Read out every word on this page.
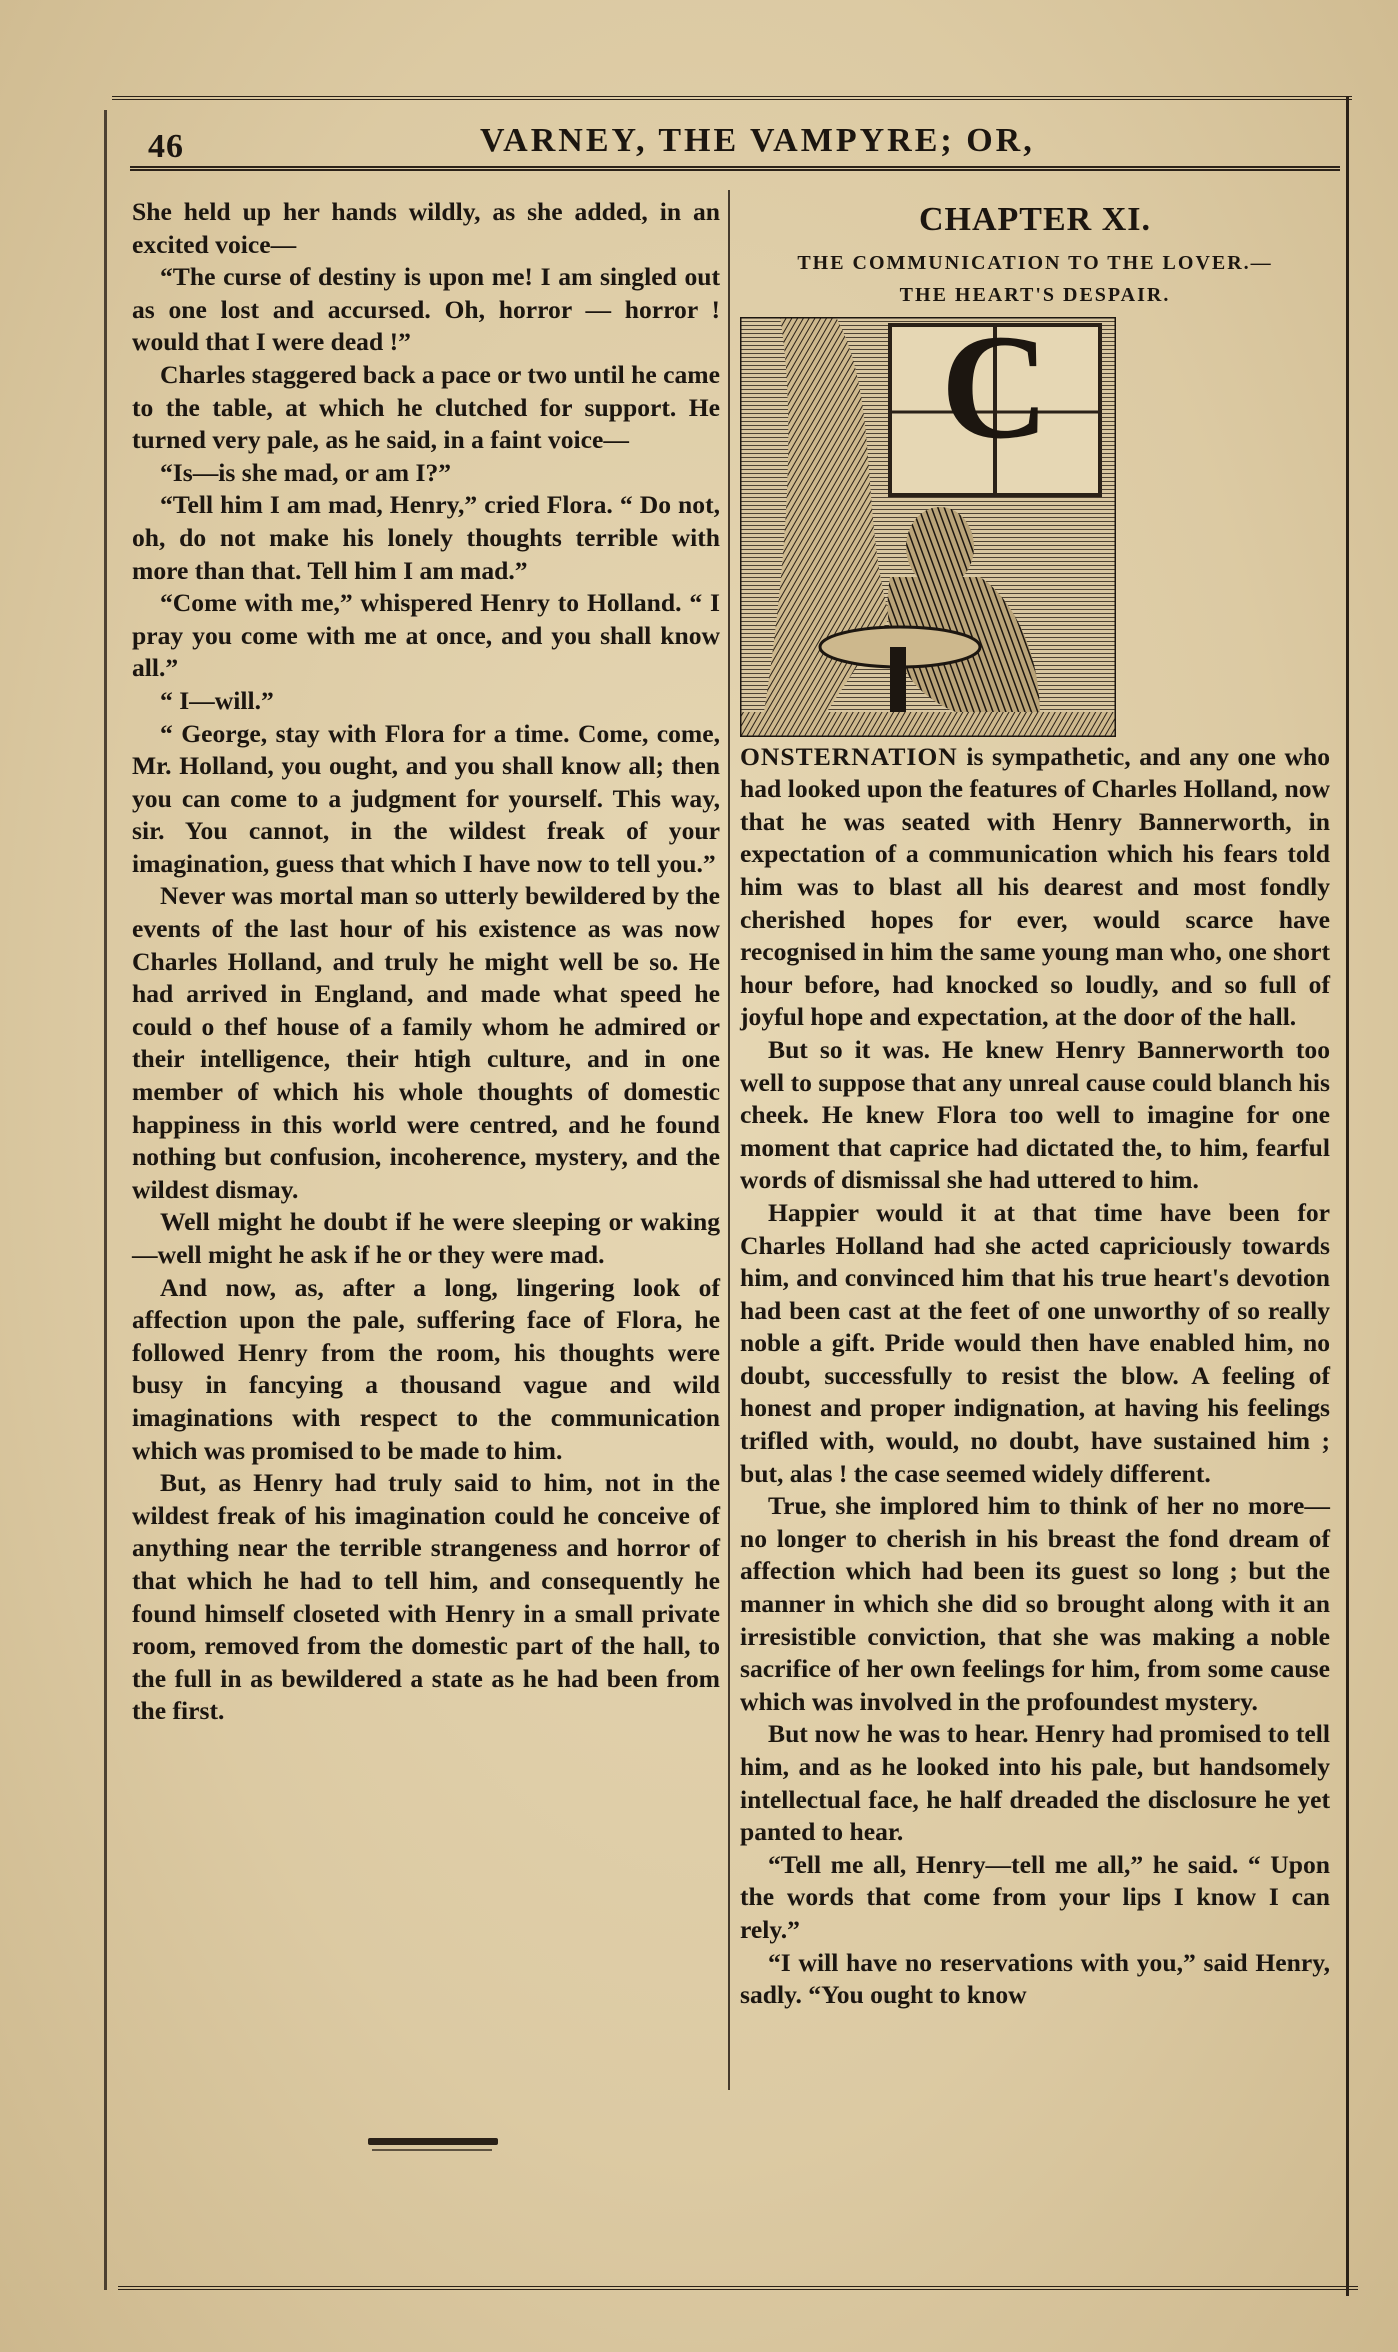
46	VARNEY, THE VAMPYRE; OR,

She held up her hands wildly, as she added, in an excited voice—

“The curse of destiny is upon me! I am singled out as one lost and accursed. Oh, horror — horror ! would that I were dead !”

Charles staggered back a pace or two until he came to the table, at which he clutched for support. He turned very pale, as he said, in a faint voice—

“Is—is she mad, or am I?”

“Tell him I am mad, Henry,” cried Flora. “ Do not, oh, do not make his lonely thoughts terrible with more than that. Tell him I am mad.”

“Come with me,” whispered Henry to Holland. “ I pray you come with me at once, and you shall know all.”

“ I—will.”

“ George, stay with Flora for a time. Come, come, Mr. Holland, you ought, and you shall know all; then you can come to a judgment for yourself. This way, sir. You cannot, in the wildest freak of your imagination, guess that which I have now to tell you.”

Never was mortal man so utterly bewildered by the events of the last hour of his existence as was now Charles Holland, and truly he might well be so. He had arrived in England, and made what speed he could o thef house of a family whom he admired or their intelligence, their htigh culture, and in one member of which his whole thoughts of domestic happiness in this world were centred, and he found nothing but confusion, incoherence, mystery, and the wildest dismay.

Well might he doubt if he were sleeping or waking—well might he ask if he or they were mad.

And now, as, after a long, lingering look of affection upon the pale, suffering face of Flora, he followed Henry from the room, his thoughts were busy in fancying a thousand vague and wild imaginations with respect to the communication which was promised to be made to him.

But, as Henry had truly said to him, not in the wildest freak of his imagination could he conceive of anything near the terrible strangeness and horror of that which he had to tell him, and consequently he found himself closeted with Henry in a small private room, removed from the domestic part of the hall, to the full in as bewildered a state as he had been from the first.

CHAPTER XI.
THE COMMUNICATION TO THE LOVER.—
THE HEART'S DESPAIR.
C

ONSTERNATION is sympathetic, and any one who had looked upon the features of Charles Holland, now that he was seated with Henry Bannerworth, in expectation of a communication which his fears told him was to blast all his dearest and most fondly cherished hopes for ever, would scarce have recognised in him the same young man who, one short hour before, had knocked so loudly, and so full of joyful hope and expectation, at the door of the hall.

But so it was. He knew Henry Bannerworth too well to suppose that any unreal cause could blanch his cheek. He knew Flora too well to imagine for one moment that caprice had dictated the, to him, fearful words of dismissal she had uttered to him.

Happier would it at that time have been for Charles Holland had she acted capriciously towards him, and convinced him that his true heart's devotion had been cast at the feet of one unworthy of so really noble a gift. Pride would then have enabled him, no doubt, successfully to resist the blow. A feeling of honest and proper indignation, at having his feelings trifled with, would, no doubt, have sustained him ; but, alas ! the case seemed widely different.

True, she implored him to think of her no more—no longer to cherish in his breast the fond dream of affection which had been its guest so long ; but the manner in which she did so brought along with it an irresistible conviction, that she was making a noble sacrifice of her own feelings for him, from some cause which was involved in the profoundest mystery.

But now he was to hear. Henry had promised to tell him, and as he looked into his pale, but handsomely intellectual face, he half dreaded the disclosure he yet panted to hear.

“Tell me all, Henry—tell me all,” he said. “ Upon the words that come from your lips I know I can rely.”

“I will have no reservations with you,” said Henry, sadly. “You ought to know
